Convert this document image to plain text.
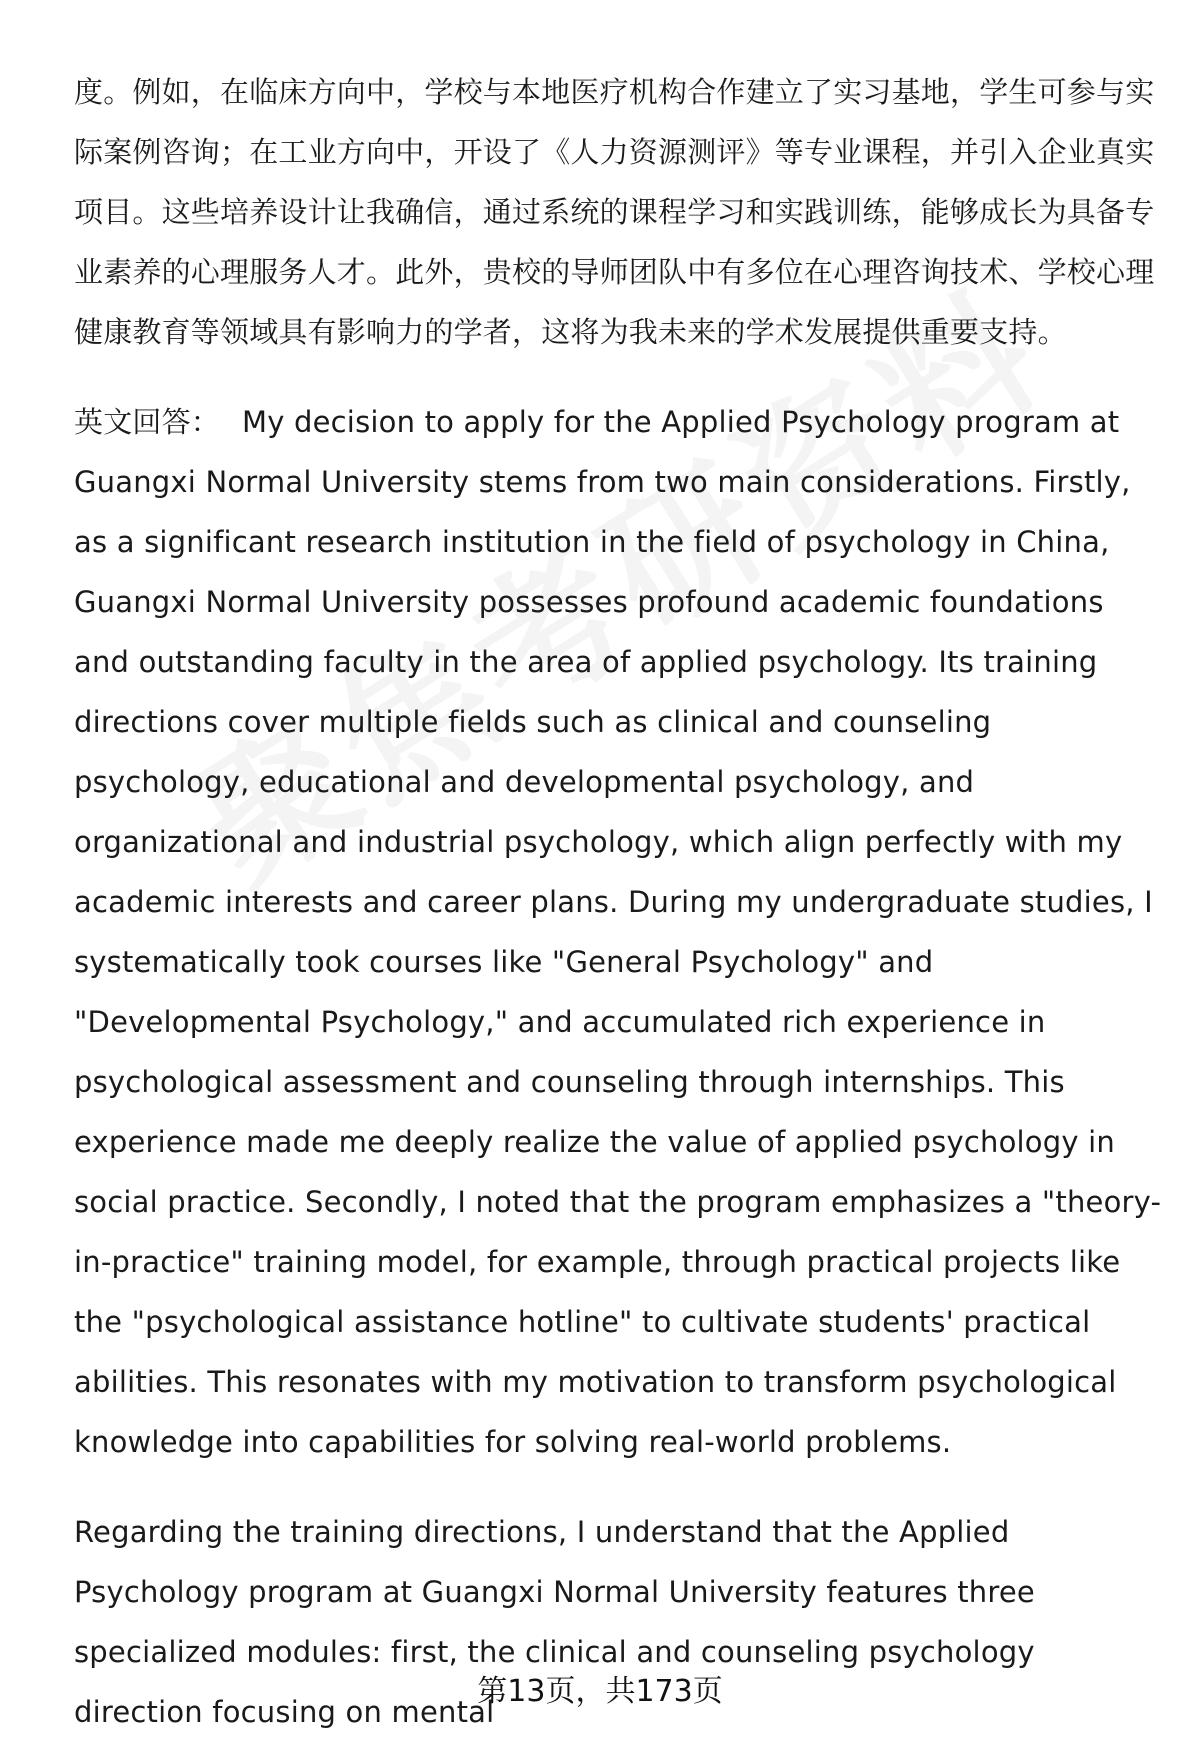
度。例如，在临床方向中，学校与本地医疗机构合作建立了实习基地，学生可参与实际案例咨询；在工业方向中，开设了《人力资源测评》等专业课程，并引入企业真实项目。这些培养设计让我确信，通过系统的课程学习和实践训练，能够成长为具备专业素养的心理服务人才。此外，贵校的导师团队中有多位在心理咨询技术、学校心理健康教育等领域具有影响力的学者，这将为我未来的学术发展提供重要支持。

英文回答： My decision to apply for the Applied Psychology program at Guangxi Normal University stems from two main considerations. Firstly, as a significant research institution in the field of psychology in China, Guangxi Normal University possesses profound academic foundations and outstanding faculty in the area of applied psychology. Its training directions cover multiple fields such as clinical and counseling psychology, educational and developmental psychology, and organizational and industrial psychology, which align perfectly with my academic interests and career plans. During my undergraduate studies, I systematically took courses like "General Psychology" and "Developmental Psychology," and accumulated rich experience in psychological assessment and counseling through internships. This experience made me deeply realize the value of applied psychology in social practice. Secondly, I noted that the program emphasizes a "theory-in-practice" training model, for example, through practical projects like the "psychological assistance hotline" to cultivate students' practical abilities. This resonates with my motivation to transform psychological knowledge into capabilities for solving real-world problems.

Regarding the training directions, I understand that the Applied Psychology program at Guangxi Normal University features three specialized modules: first, the clinical and counseling psychology direction focusing on mental

第13页，共173页
